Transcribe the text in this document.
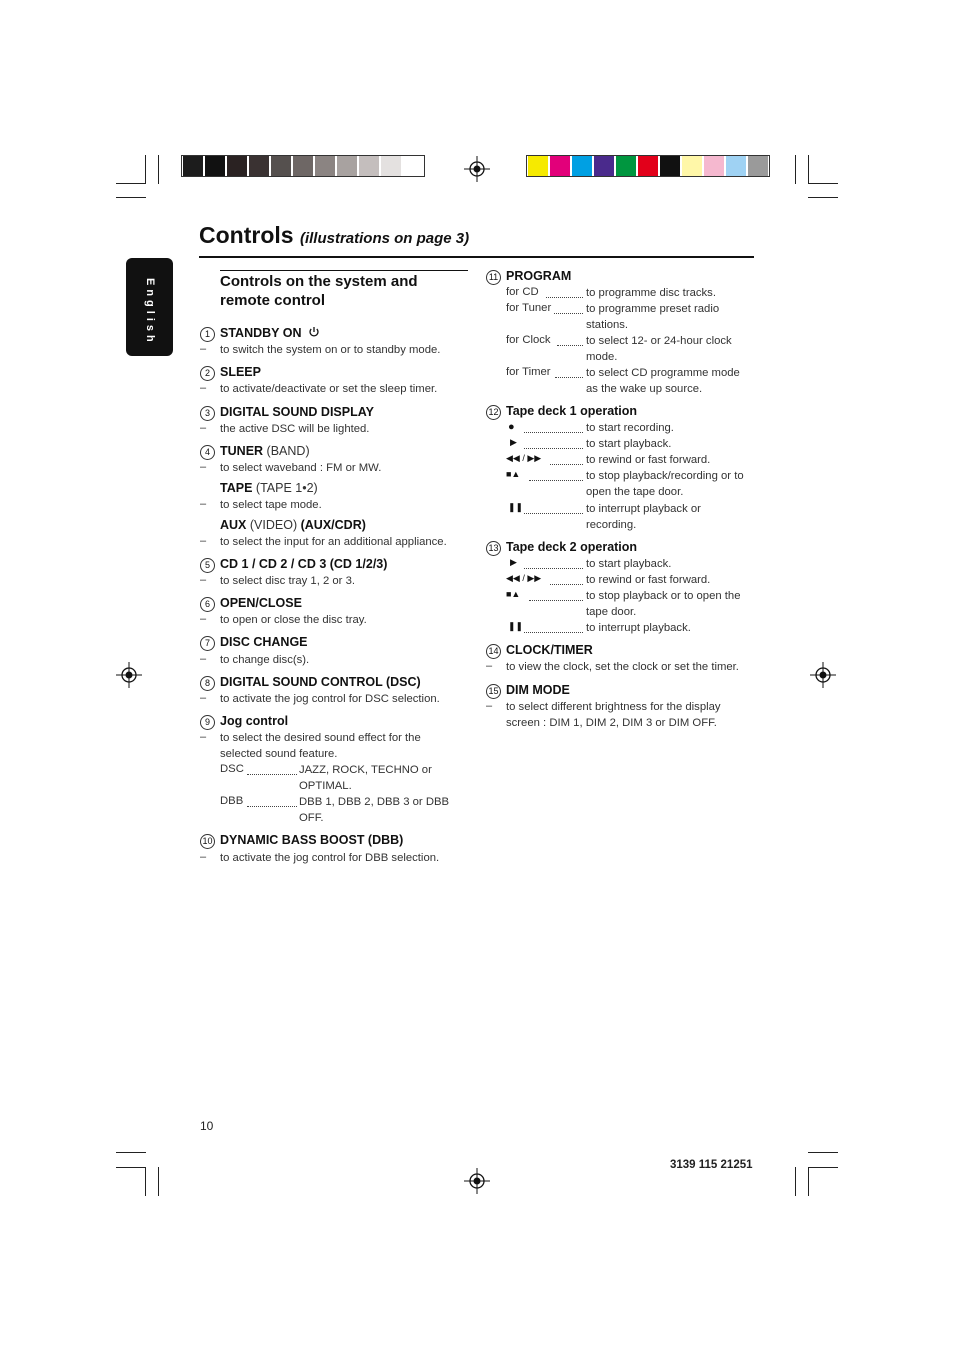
Controls (illustrations on page 3)
English	Controls on the system and remote control
1 STANDBY ON
– to switch the system on or to standby mode.
2 SLEEP
– to activate/deactivate or set the sleep timer.
3 DIGITAL SOUND DISPLAY
– the active DSC will be lighted.
4 TUNER (BAND)
– to select waveband : FM or MW.
TAPE (TAPE 1•2)
– to select tape mode.
AUX (VIDEO) (AUX/CDR)
– to select the input for an additional appliance.
5 CD 1 / CD 2 / CD 3 (CD 1/2/3)
– to select disc tray 1, 2 or 3.
6 OPEN/CLOSE
– to open or close the disc tray.
7 DISC CHANGE
– to change disc(s).
8 DIGITAL SOUND CONTROL (DSC)
– to activate the jog control for DSC selection.
9 Jog control
– to select the desired sound effect for the
selected sound feature.
DSC	JAZZ, ROCK, TECHNO or
OPTIMAL.
DBB	DBB 1, DBB 2, DBB 3 or DBB
OFF.
10 DYNAMIC BASS BOOST (DBB)
– to activate the jog control for DBB selection.
11 PROGRAM
for CD	to programme disc tracks.
for Tuner	to programme preset radio
stations.
for Clock	to select 12- or 24-hour clock
mode.
for Timer	to select CD programme mode
as the wake up source.
12 Tape deck 1 operation
●	to start recording.
▶	to start playback.
◀◀ / ▶▶	to rewind or fast forward.
■▲	to stop playback/recording or to
open the tape door.
❚❚	to interrupt playback or
recording.
13 Tape deck 2 operation
▶	to start playback.
◀◀ / ▶▶	to rewind or fast forward.
■▲	to stop playback or to open the
tape door.
❚❚	to interrupt playback.
14 CLOCK/TIMER
– to view the clock, set the clock or set the timer.
15 DIM MODE
– to select different brightness for the display
screen : DIM 1, DIM 2, DIM 3 or DIM OFF.
10
3139 115 21251
